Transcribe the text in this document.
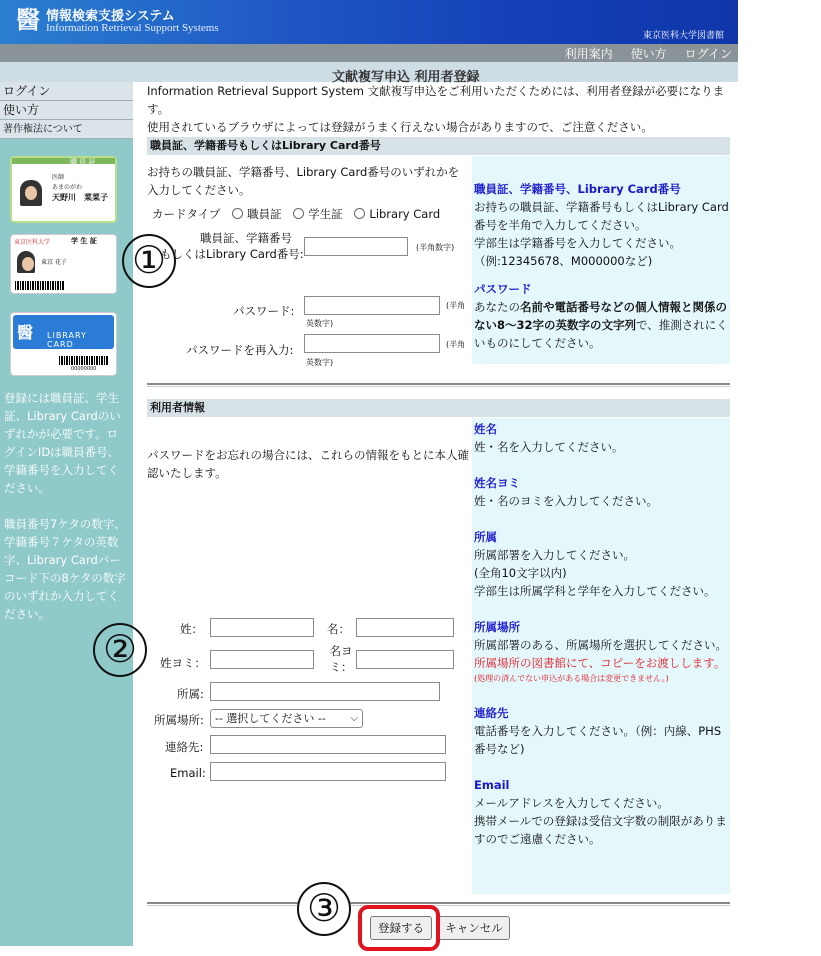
醫 情報検索支援システム
Information Retrieval Support Systems
東京医科大学図書館
利用案内 使い方 ログイン
文献複写申込 利用者登録
ログイン
使い方
著作権法について
職 員 証
医師
あまのがわ
天野川　菜菜子
東京医科大学	学 生 証
東京 花子
醫 LIBRARY CARD
00000000
登録には職員証、学生証、Library Cardのいずれかが必要です。ログインIDは職員番号、学籍番号を入力してください。
職員番号7ケタの数字、学籍番号７ケタの英数字、Library Cardバーコード下の8ケタの数字のいずれか入力してください。
Information Retrieval Support System 文献複写申込をご利用いただくためには、利用者登録が必要になります。
使用されているブラウザによっては登録がうまく行えない場合がありますので、ご注意ください。
職員証、学籍番号もしくはLibrary Card番号
お持ちの職員証、学籍番号、Library Card番号のいずれかを入力してください。
カードタイプ 職員証 学生証 Library Card
職員証、学籍番号
もしくはLibrary Card番号:	(半角数字)
パスワード:	(半角
英数字)
パスワードを再入力:	(半角
英数字)
職員証、学籍番号、Library Card番号
お持ちの職員証、学籍番号もしくはLibrary Card番号を半角で入力してください。
学部生は学籍番号を入力してください。（例:12345678、M000000など)
パスワード
あなたの名前や電話番号などの個人情報と関係のない8〜32字の英数字の文字列で、推測されにくいものにしてください。
利用者情報
パスワードをお忘れの場合には、これらの情報をもとに本人確認いたします。
姓：	名：
姓ヨミ：
名ヨミ：
所属:
所属場所:	-- 選択してください -- ⌵
連絡先:
Email:
姓名
姓・名を入力してください。
姓名ヨミ
姓・名のヨミを入力してください。
所属
所属部署を入力してください。
(全角10文字以内)
学部生は所属学科と学年を入力してください。
所属場所
所属部署のある、所属場所を選択してください。
所属場所の図書館にて、コピーをお渡しします。
(処理の済んでない申込がある場合は変更できません。)
連絡先
電話番号を入力してください。（例：内線、PHS番号など)
Email
メールアドレスを入力してください。
携帯メールでの登録は受信文字数の制限がありますのでご遠慮ください。
登録する	キャンセル
①
②
③
